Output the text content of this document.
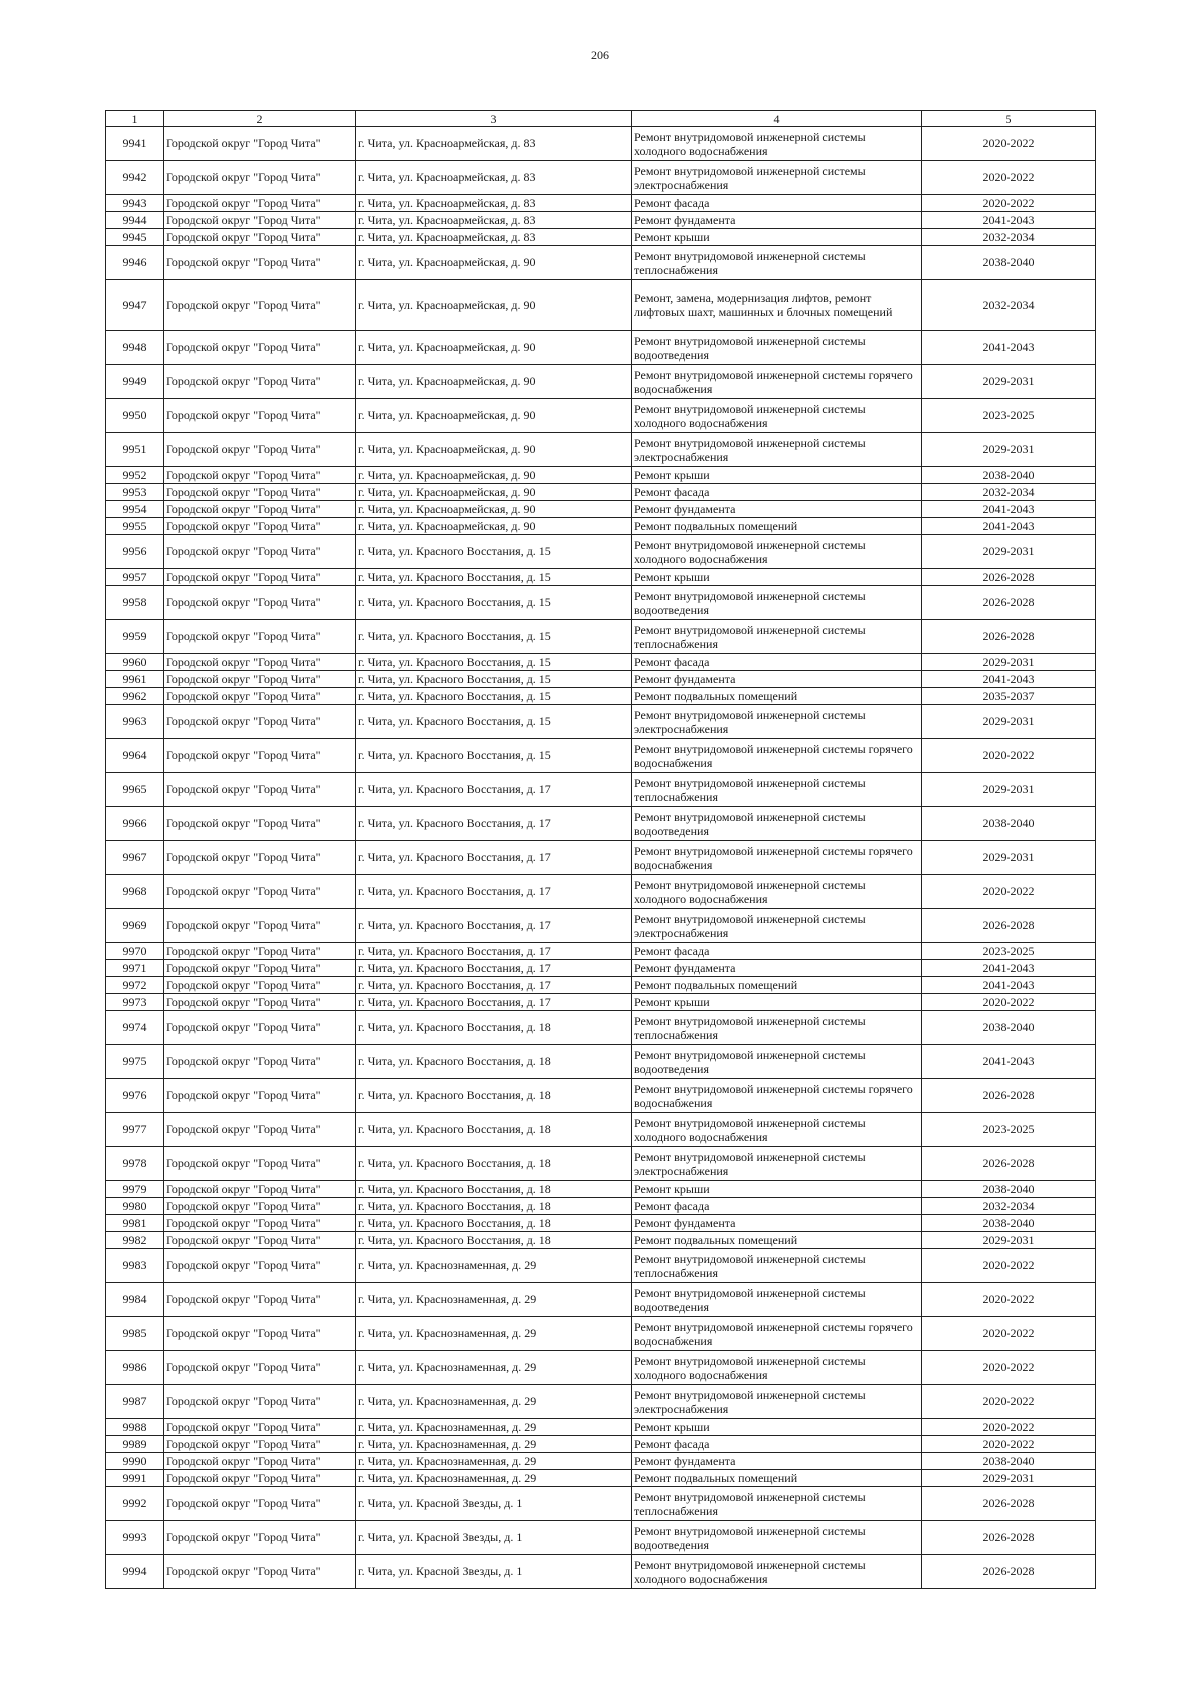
206
1	2	3	4	5
9941	Городской округ "Город Чита"	г. Чита, ул. Красноармейская, д. 83	Ремонт внутридомовой инженерной системы холодного водоснабжения	2020-2022
9942	Городской округ "Город Чита"	г. Чита, ул. Красноармейская, д. 83	Ремонт внутридомовой инженерной системы электроснабжения	2020-2022
9943	Городской округ "Город Чита"	г. Чита, ул. Красноармейская, д. 83	Ремонт фасада	2020-2022
9944	Городской округ "Город Чита"	г. Чита, ул. Красноармейская, д. 83	Ремонт фундамента	2041-2043
9945	Городской округ "Город Чита"	г. Чита, ул. Красноармейская, д. 83	Ремонт крыши	2032-2034
9946	Городской округ "Город Чита"	г. Чита, ул. Красноармейская, д. 90	Ремонт внутридомовой инженерной системы теплоснабжения	2038-2040
9947	Городской округ "Город Чита"	г. Чита, ул. Красноармейская, д. 90	Ремонт, замена, модернизация лифтов, ремонт лифтовых шахт, машинных и блочных помещений	2032-2034
9948	Городской округ "Город Чита"	г. Чита, ул. Красноармейская, д. 90	Ремонт внутридомовой инженерной системы водоотведения	2041-2043
9949	Городской округ "Город Чита"	г. Чита, ул. Красноармейская, д. 90	Ремонт внутридомовой инженерной системы горячего водоснабжения	2029-2031
9950	Городской округ "Город Чита"	г. Чита, ул. Красноармейская, д. 90	Ремонт внутридомовой инженерной системы холодного водоснабжения	2023-2025
9951	Городской округ "Город Чита"	г. Чита, ул. Красноармейская, д. 90	Ремонт внутридомовой инженерной системы электроснабжения	2029-2031
9952	Городской округ "Город Чита"	г. Чита, ул. Красноармейская, д. 90	Ремонт крыши	2038-2040
9953	Городской округ "Город Чита"	г. Чита, ул. Красноармейская, д. 90	Ремонт фасада	2032-2034
9954	Городской округ "Город Чита"	г. Чита, ул. Красноармейская, д. 90	Ремонт фундамента	2041-2043
9955	Городской округ "Город Чита"	г. Чита, ул. Красноармейская, д. 90	Ремонт подвальных помещений	2041-2043
9956	Городской округ "Город Чита"	г. Чита, ул. Красного Восстания, д. 15	Ремонт внутридомовой инженерной системы холодного водоснабжения	2029-2031
9957	Городской округ "Город Чита"	г. Чита, ул. Красного Восстания, д. 15	Ремонт крыши	2026-2028
9958	Городской округ "Город Чита"	г. Чита, ул. Красного Восстания, д. 15	Ремонт внутридомовой инженерной системы водоотведения	2026-2028
9959	Городской округ "Город Чита"	г. Чита, ул. Красного Восстания, д. 15	Ремонт внутридомовой инженерной системы теплоснабжения	2026-2028
9960	Городской округ "Город Чита"	г. Чита, ул. Красного Восстания, д. 15	Ремонт фасада	2029-2031
9961	Городской округ "Город Чита"	г. Чита, ул. Красного Восстания, д. 15	Ремонт фундамента	2041-2043
9962	Городской округ "Город Чита"	г. Чита, ул. Красного Восстания, д. 15	Ремонт подвальных помещений	2035-2037
9963	Городской округ "Город Чита"	г. Чита, ул. Красного Восстания, д. 15	Ремонт внутридомовой инженерной системы электроснабжения	2029-2031
9964	Городской округ "Город Чита"	г. Чита, ул. Красного Восстания, д. 15	Ремонт внутридомовой инженерной системы горячего водоснабжения	2020-2022
9965	Городской округ "Город Чита"	г. Чита, ул. Красного Восстания, д. 17	Ремонт внутридомовой инженерной системы теплоснабжения	2029-2031
9966	Городской округ "Город Чита"	г. Чита, ул. Красного Восстания, д. 17	Ремонт внутридомовой инженерной системы водоотведения	2038-2040
9967	Городской округ "Город Чита"	г. Чита, ул. Красного Восстания, д. 17	Ремонт внутридомовой инженерной системы горячего водоснабжения	2029-2031
9968	Городской округ "Город Чита"	г. Чита, ул. Красного Восстания, д. 17	Ремонт внутридомовой инженерной системы холодного водоснабжения	2020-2022
9969	Городской округ "Город Чита"	г. Чита, ул. Красного Восстания, д. 17	Ремонт внутридомовой инженерной системы электроснабжения	2026-2028
9970	Городской округ "Город Чита"	г. Чита, ул. Красного Восстания, д. 17	Ремонт фасада	2023-2025
9971	Городской округ "Город Чита"	г. Чита, ул. Красного Восстания, д. 17	Ремонт фундамента	2041-2043
9972	Городской округ "Город Чита"	г. Чита, ул. Красного Восстания, д. 17	Ремонт подвальных помещений	2041-2043
9973	Городской округ "Город Чита"	г. Чита, ул. Красного Восстания, д. 17	Ремонт крыши	2020-2022
9974	Городской округ "Город Чита"	г. Чита, ул. Красного Восстания, д. 18	Ремонт внутридомовой инженерной системы теплоснабжения	2038-2040
9975	Городской округ "Город Чита"	г. Чита, ул. Красного Восстания, д. 18	Ремонт внутридомовой инженерной системы водоотведения	2041-2043
9976	Городской округ "Город Чита"	г. Чита, ул. Красного Восстания, д. 18	Ремонт внутридомовой инженерной системы горячего водоснабжения	2026-2028
9977	Городской округ "Город Чита"	г. Чита, ул. Красного Восстания, д. 18	Ремонт внутридомовой инженерной системы холодного водоснабжения	2023-2025
9978	Городской округ "Город Чита"	г. Чита, ул. Красного Восстания, д. 18	Ремонт внутридомовой инженерной системы электроснабжения	2026-2028
9979	Городской округ "Город Чита"	г. Чита, ул. Красного Восстания, д. 18	Ремонт крыши	2038-2040
9980	Городской округ "Город Чита"	г. Чита, ул. Красного Восстания, д. 18	Ремонт фасада	2032-2034
9981	Городской округ "Город Чита"	г. Чита, ул. Красного Восстания, д. 18	Ремонт фундамента	2038-2040
9982	Городской округ "Город Чита"	г. Чита, ул. Красного Восстания, д. 18	Ремонт подвальных помещений	2029-2031
9983	Городской округ "Город Чита"	г. Чита, ул. Краснознаменная, д. 29	Ремонт внутридомовой инженерной системы теплоснабжения	2020-2022
9984	Городской округ "Город Чита"	г. Чита, ул. Краснознаменная, д. 29	Ремонт внутридомовой инженерной системы водоотведения	2020-2022
9985	Городской округ "Город Чита"	г. Чита, ул. Краснознаменная, д. 29	Ремонт внутридомовой инженерной системы горячего водоснабжения	2020-2022
9986	Городской округ "Город Чита"	г. Чита, ул. Краснознаменная, д. 29	Ремонт внутридомовой инженерной системы холодного водоснабжения	2020-2022
9987	Городской округ "Город Чита"	г. Чита, ул. Краснознаменная, д. 29	Ремонт внутридомовой инженерной системы электроснабжения	2020-2022
9988	Городской округ "Город Чита"	г. Чита, ул. Краснознаменная, д. 29	Ремонт крыши	2020-2022
9989	Городской округ "Город Чита"	г. Чита, ул. Краснознаменная, д. 29	Ремонт фасада	2020-2022
9990	Городской округ "Город Чита"	г. Чита, ул. Краснознаменная, д. 29	Ремонт фундамента	2038-2040
9991	Городской округ "Город Чита"	г. Чита, ул. Краснознаменная, д. 29	Ремонт подвальных помещений	2029-2031
9992	Городской округ "Город Чита"	г. Чита, ул. Красной Звезды, д. 1	Ремонт внутридомовой инженерной системы теплоснабжения	2026-2028
9993	Городской округ "Город Чита"	г. Чита, ул. Красной Звезды, д. 1	Ремонт внутридомовой инженерной системы водоотведения	2026-2028
9994	Городской округ "Город Чита"	г. Чита, ул. Красной Звезды, д. 1	Ремонт внутридомовой инженерной системы холодного водоснабжения	2026-2028
